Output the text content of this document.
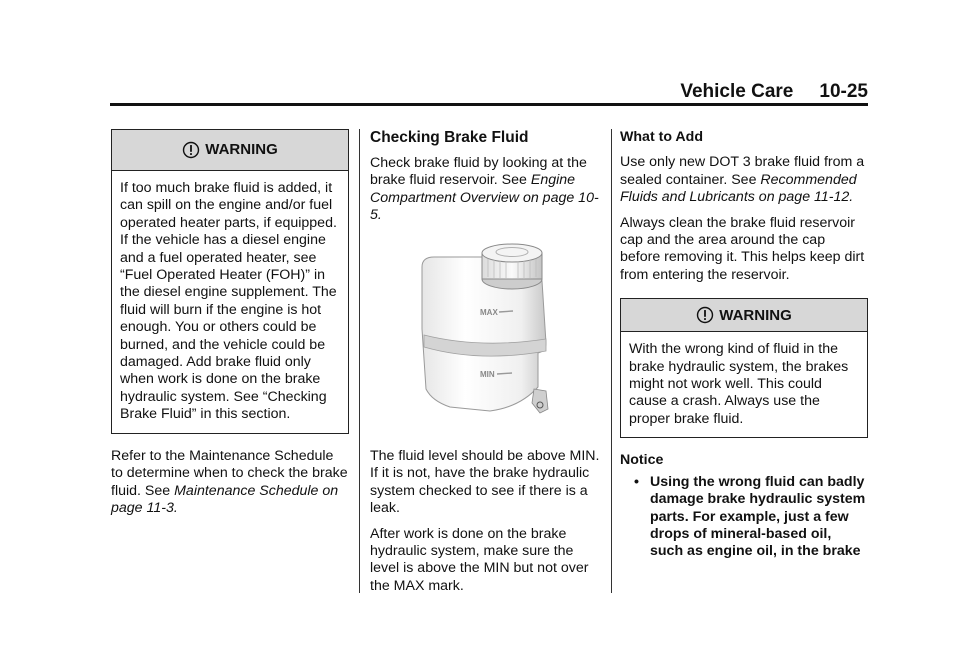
Vehicle Care 10-25
WARNING

If too much brake fluid is added, it can spill on the engine and/or fuel operated heater parts, if equipped. If the vehicle has a diesel engine and a fuel operated heater, see “Fuel Operated Heater (FOH)” in the diesel engine supplement. The fluid will burn if the engine is hot enough. You or others could be burned, and the vehicle could be damaged. Add brake fluid only when work is done on the brake hydraulic system. See “Checking Brake Fluid” in this section.

Refer to the Maintenance Schedule to determine when to check the brake fluid. See Maintenance Schedule on page 11-3.

Checking Brake Fluid

Check brake fluid by looking at the brake fluid reservoir. See Engine Compartment Overview on page 10-5.

MAX
MIN

The fluid level should be above MIN. If it is not, have the brake hydraulic system checked to see if there is a leak.

After work is done on the brake hydraulic system, make sure the level is above the MIN but not over the MAX mark.

What to Add

Use only new DOT 3 brake fluid from a sealed container. See Recommended Fluids and Lubricants on page 11-12.

Always clean the brake fluid reservoir cap and the area around the cap before removing it. This helps keep dirt from entering the reservoir.

WARNING

With the wrong kind of fluid in the brake hydraulic system, the brakes might not work well. This could cause a crash. Always use the proper brake fluid.

Notice

• Using the wrong fluid can badly damage brake hydraulic system parts. For example, just a few drops of mineral-based oil, such as engine oil, in the brake
